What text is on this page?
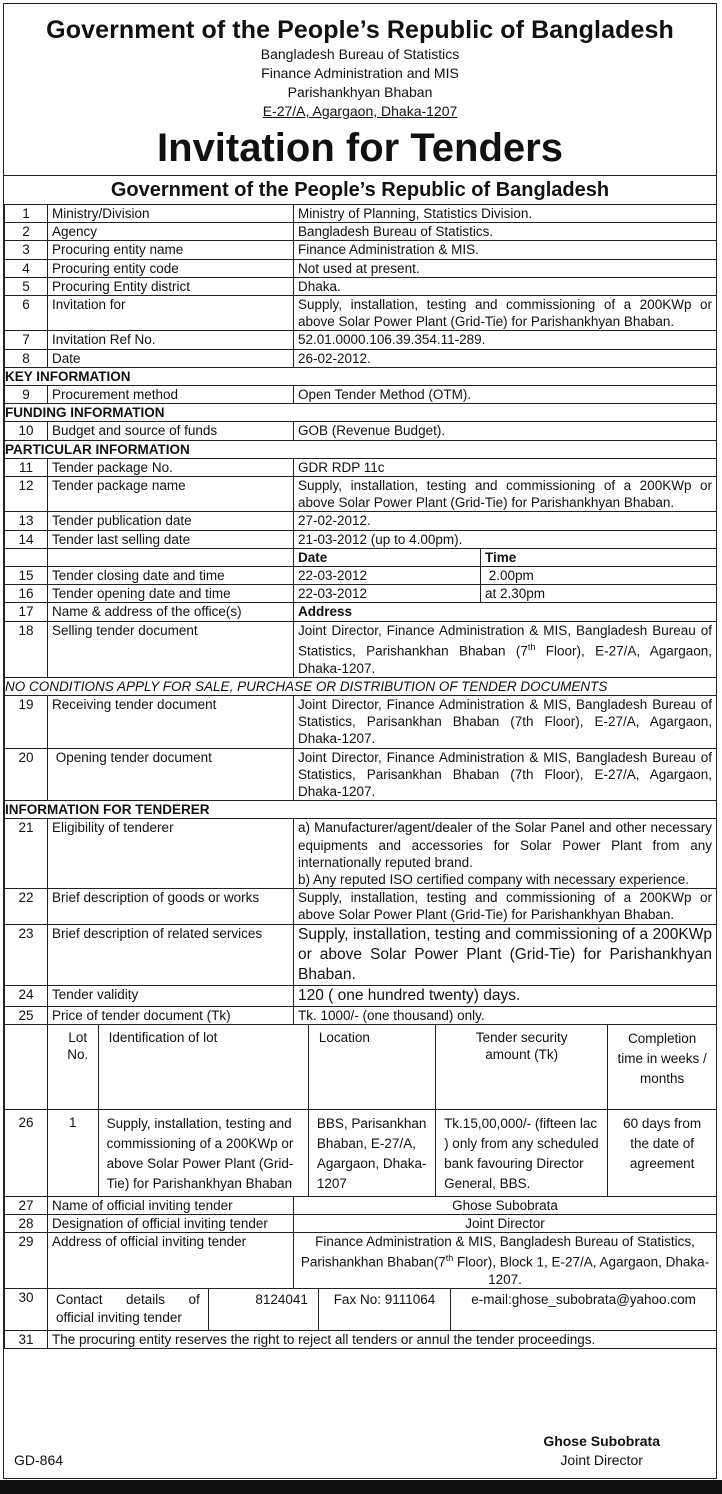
Government of the People’s Republic of Bangladesh
Bangladesh Bureau of Statistics
Finance Administration and MIS
Parishankhyan Bhaban
E-27/A, Agargaon, Dhaka-1207
Invitation for Tenders
Government of the People’s Republic of Bangladesh
1	Ministry/Division	Ministry of Planning, Statistics Division.
2	Agency	Bangladesh Bureau of Statistics.
3	Procuring entity name	Finance Administration & MIS.
4	Procuring entity code	Not used at present.
5	Procuring Entity district	Dhaka.
6	Invitation for	Supply, installation, testing and commissioning of a 200KWp or above Solar Power Plant (Grid-Tie) for Parishankhyan Bhaban.
7	Invitation Ref No.	52.01.0000.106.39.354.11-289.
8	Date	26-02-2012.
KEY INFORMATION
9	Procurement method	Open Tender Method (OTM).
FUNDING INFORMATION
10	Budget and source of funds	GOB (Revenue Budget).
PARTICULAR INFORMATION
11	Tender package No.	GDR RDP 11c
12	Tender package name	Supply, installation, testing and commissioning of a 200KWp or above Solar Power Plant (Grid-Tie) for Parishankhyan Bhaban.
13	Tender publication date	27-02-2012.
14	Tender last selling date	21-03-2012 (up to 4.00pm).
		Date	Time
15	Tender closing date and time	22-03-2012	2.00pm
16	Tender opening date and time	22-03-2012	at 2.30pm
17	Name & address of the office(s)	Address
18	Selling tender document	Joint Director, Finance Administration & MIS, Bangladesh Bureau of Statistics, Parishankhan Bhaban (7th Floor), E-27/A, Agargaon, Dhaka-1207.
NO CONDITIONS APPLY FOR SALE, PURCHASE OR DISTRIBUTION OF TENDER DOCUMENTS
19	Receiving tender document	Joint Director, Finance Administration & MIS, Bangladesh Bureau of Statistics, Parisankhan Bhaban (7th Floor), E-27/A, Agargaon, Dhaka-1207.
20	Opening tender document	Joint Director, Finance Administration & MIS, Bangladesh Bureau of Statistics, Parisankhan Bhaban (7th Floor), E-27/A, Agargaon, Dhaka-1207.
INFORMATION FOR TENDERER
21	Eligibility of tenderer	a) Manufacturer/agent/dealer of the Solar Panel and other necessary equipments and accessories for Solar Power Plant from any internationally reputed brand.
b) Any reputed ISO certified company with necessary experience.

22	Brief description of goods or works	Supply, installation, testing and commissioning of a 200KWp or above Solar Power Plant (Grid-Tie) for Parishankhyan Bhaban.
23	Brief description of related services	Supply, installation, testing and commissioning of a 200KWp or above Solar Power Plant (Grid-Tie) for Parishankhyan Bhaban.
24	Tender validity	120 ( one hundred twenty) days.
25	Price of tender document (Tk)	Tk. 1000/- (one thousand) only.

Lot No.	Identification of lot	Location	Tender security amount (Tk)	Completion time in weeks / months

26		1	Supply, installation, testing and commissioning of a 200KWp or above Solar Power Plant (Grid-Tie) for Parishankhyan Bhaban	BBS, Parisankhan Bhaban, E-27/A, Agargaon, Dhaka-1207	Tk.15,00,000/- (fifteen lac ) only from any scheduled bank favouring Director General, BBS.	60 days from the date of agreement

27	Name of official inviting tender	Ghose Subobrata
28	Designation of official inviting tender	Joint Director
29	Address of official inviting tender	Finance Administration & MIS, Bangladesh Bureau of Statistics, Parishankhan Bhaban(7th Floor), Block 1, E-27/A, Agargaon, Dhaka-1207.
30	Contact      details      of official inviting tender	8124041	Fax No: 9111064	e-mail:ghose_subobrata@yahoo.com

31	The procuring entity reserves the right to reject all tenders or annul the tender proceedings.
GD-864
Ghose Subobrata
Joint Director
